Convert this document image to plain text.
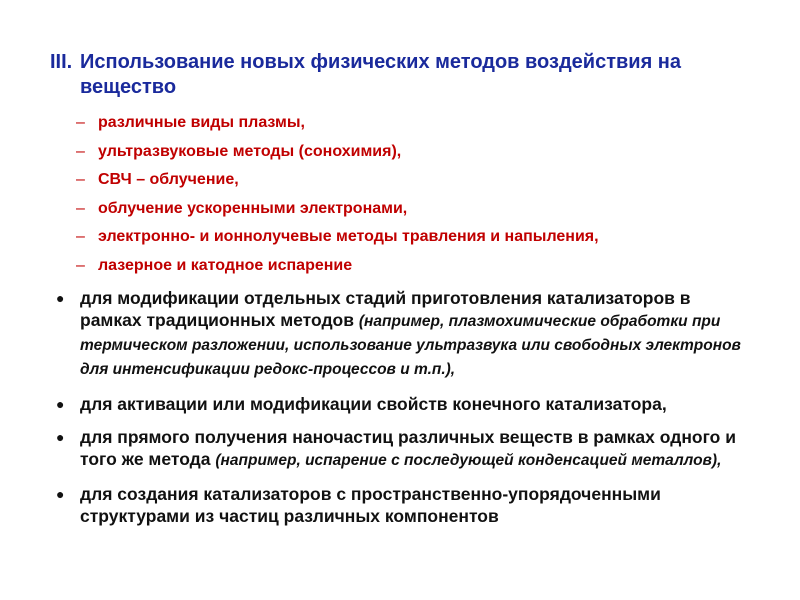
III. Использование новых физических методов воздействия на вещество
– различные виды плазмы,
– ультразвуковые методы (сонохимия),
– СВЧ – облучение,
– облучение ускоренными электронами,
– электронно- и ионнолучевые методы травления и напыления,
– лазерное и катодное испарение
● для модификации отдельных стадий приготовления катализаторов в рамках традиционных методов (например, плазмохимические обработки при термическом разложении, использование ультразвука или свободных электронов для интенсификации редокс-процессов и т.п.),
● для активации или модификации свойств конечного катализатора,
● для прямого получения наночастиц различных веществ в рамках одного и того же метода (например, испарение с последующей конденсацией металлов),
● для создания катализаторов с пространственно-упорядоченными структурами из частиц различных компонентов
